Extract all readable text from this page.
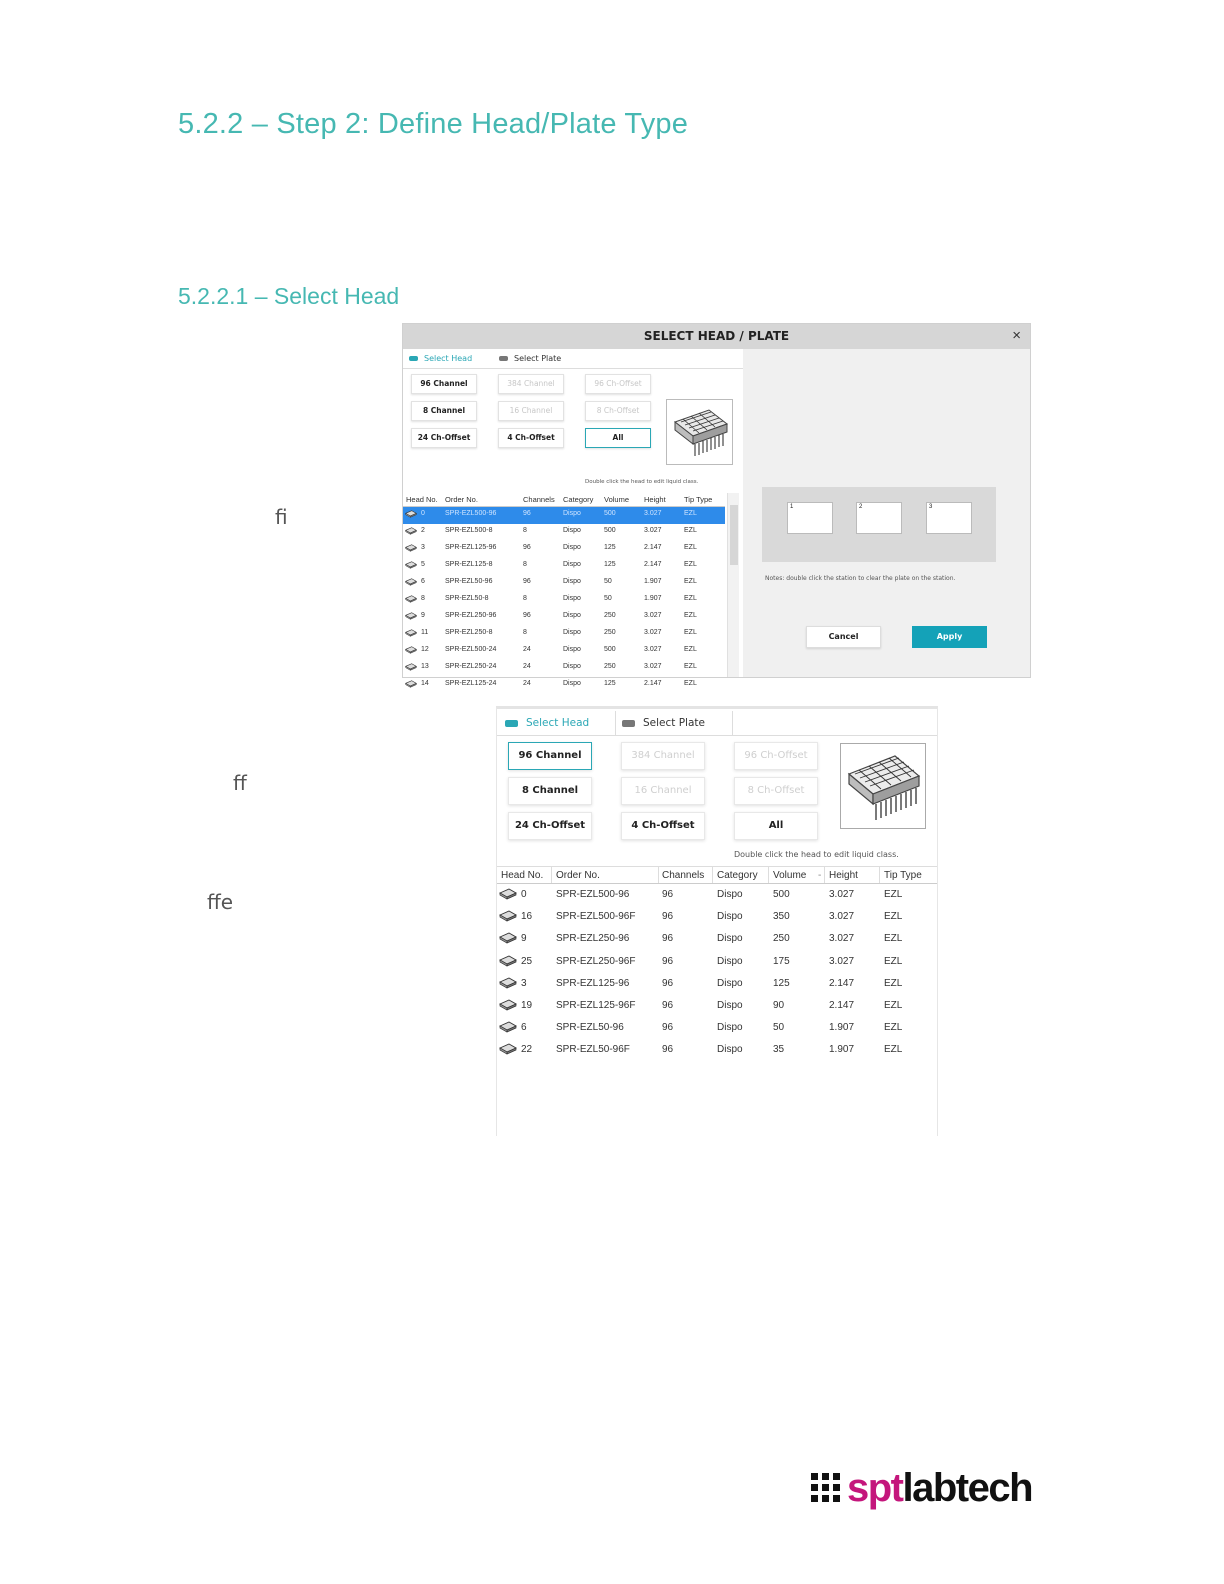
5.2.2 – Step 2: Define Head/Plate Type
5.2.2.1 – Select Head
fi
ff
ffe
SELECT HEAD / PLATE	×
Select Head	Select Plate
96 Channel	384 Channel	96 Ch-Offset
8 Channel	16 Channel	8 Ch-Offset
24 Ch-Offset	4 Ch-Offset	All
Double click the head to edit liquid class.
Head No. Order No.	Channels Category Volume Height Tip Type
0	SPR-EZL500-96	96	Dispo	500	3.027	EZL
2	SPR-EZL500-8	8	Dispo	500	3.027	EZL
3	SPR-EZL125-96	96	Dispo	125	2.147	EZL
5	SPR-EZL125-8	8	Dispo	125	2.147	EZL
6	SPR-EZL50-96	96	Dispo	50	1.907	EZL
8	SPR-EZL50-8	8	Dispo	50	1.907	EZL
9	SPR-EZL250-96	96	Dispo	250	3.027	EZL
11 SPR-EZL250-8	8	Dispo	250	3.027	EZL
12 SPR-EZL500-24	24	Dispo	500	3.027	EZL
13 SPR-EZL250-24	24	Dispo	250	3.027	EZL
14 SPR-EZL125-24	24	Dispo	125	2.147	EZL
1	2	3
Notes: double click the station to clear the plate on the station.
Cancel	Apply
Select Head	Select Plate
96 Channel	384 Channel	96 Ch-Offset
8 Channel	16 Channel	8 Ch-Offset
24 Ch-Offset	4 Ch-Offset	All
Double click the head to edit liquid class.
Head No. Order No.	Channels Category Volume - Height	Tip Type
0	SPR-EZL500-96	96	Dispo	500	3.027	EZL
16 SPR-EZL500-96F	96	Dispo	350	3.027	EZL
9	SPR-EZL250-96	96	Dispo	250	3.027	EZL
25 SPR-EZL250-96F	96	Dispo	175	3.027	EZL
3	SPR-EZL125-96	96	Dispo	125	2.147	EZL
19 SPR-EZL125-96F	96	Dispo	90	2.147	EZL
6	SPR-EZL50-96	96	Dispo	50	1.907	EZL
22 SPR-EZL50-96F	96	Dispo	35	1.907	EZL
sptlabtech
